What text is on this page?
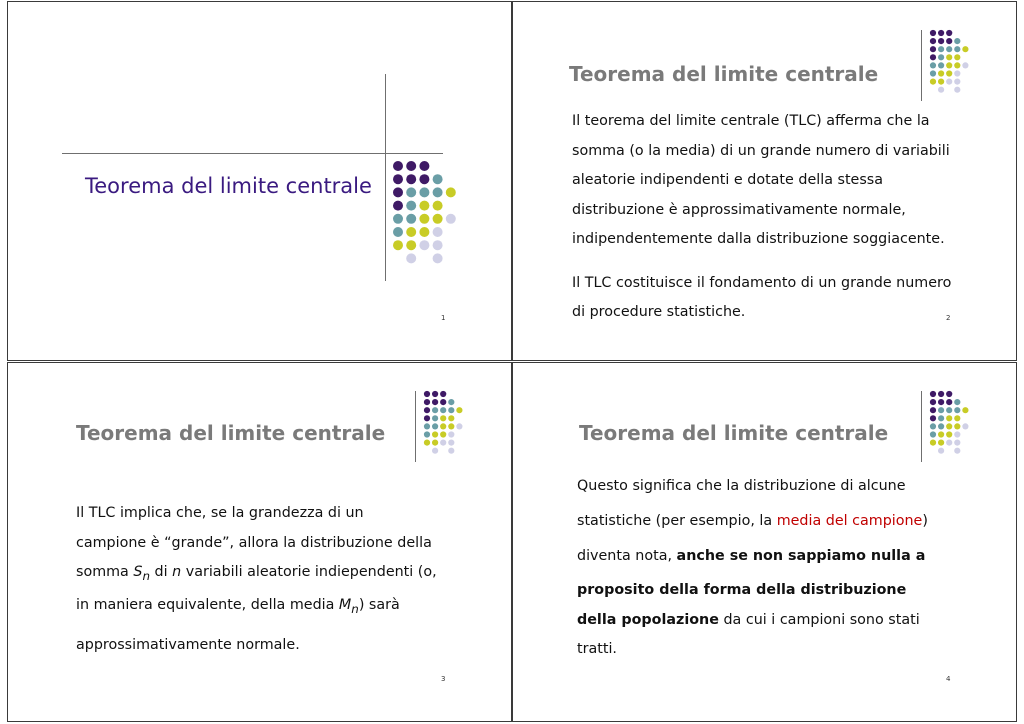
Teorema del limite centrale
1
Teorema del limite centrale

Il teorema del limite centrale (TLC) afferma che la

somma (o la media) di un grande numero di variabili

aleatorie indipendenti e dotate della stessa

distribuzione è approssimativamente normale,

indipendentemente dalla distribuzione soggiacente.

Il TLC costituisce il fondamento di un grande numero

di procedure statistiche.	2
Teorema del limite centrale

Il TLC implica che, se la grandezza di un

campione è “grande”, allora la distribuzione della

somma $S_n$ di n variabili aleatorie indiependenti (o,

in maniera equivalente, della media $M_n$) sarà

approssimativamente normale.

3
Teorema del limite centrale

Questo significa che la distribuzione di alcune

statistiche (per esempio, la media del campione)

diventa nota, anche se non sappiamo nulla a

proposito della forma della distribuzione

della popolazione da cui i campioni sono stati

tratti.

4
